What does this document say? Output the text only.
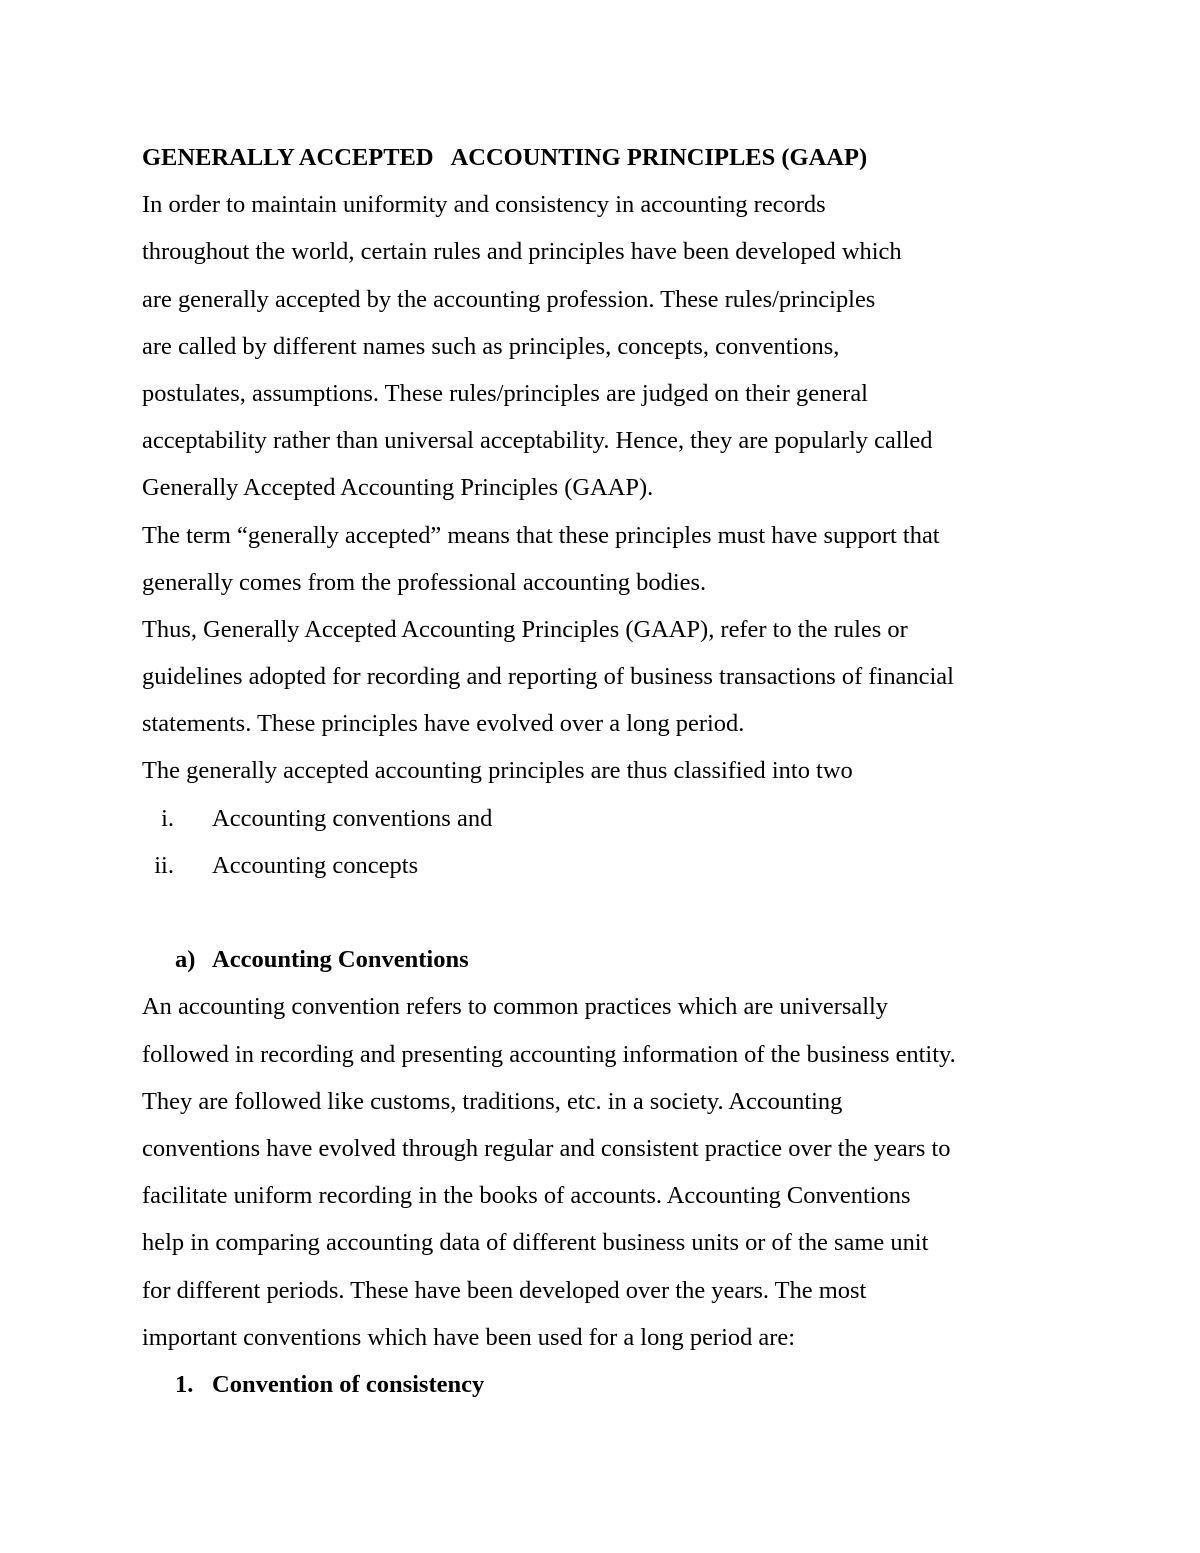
GENERALLY ACCEPTED   ACCOUNTING PRINCIPLES (GAAP)
In order to maintain uniformity and consistency in accounting records
throughout the world, certain rules and principles have been developed which
are generally accepted by the accounting profession. These rules/principles
are called by different names such as principles, concepts, conventions,
postulates, assumptions. These rules/principles are judged on their general
acceptability rather than universal acceptability. Hence, they are popularly called
Generally Accepted Accounting Principles (GAAP).
The term “generally accepted” means that these principles must have support that
generally comes from the professional accounting bodies.
Thus, Generally Accepted Accounting Principles (GAAP), refer to the rules or
guidelines adopted for recording and reporting of business transactions of financial
statements. These principles have evolved over a long period.
The generally accepted accounting principles are thus classified into two
i. Accounting conventions and
ii. Accounting concepts
a) Accounting Conventions
An accounting convention refers to common practices which are universally
followed in recording and presenting accounting information of the business entity.
They are followed like customs, traditions, etc. in a society. Accounting
conventions have evolved through regular and consistent practice over the years to
facilitate uniform recording in the books of accounts. Accounting Conventions
help in comparing accounting data of different business units or of the same unit
for different periods. These have been developed over the years. The most
important conventions which have been used for a long period are:
1. Convention of consistency
